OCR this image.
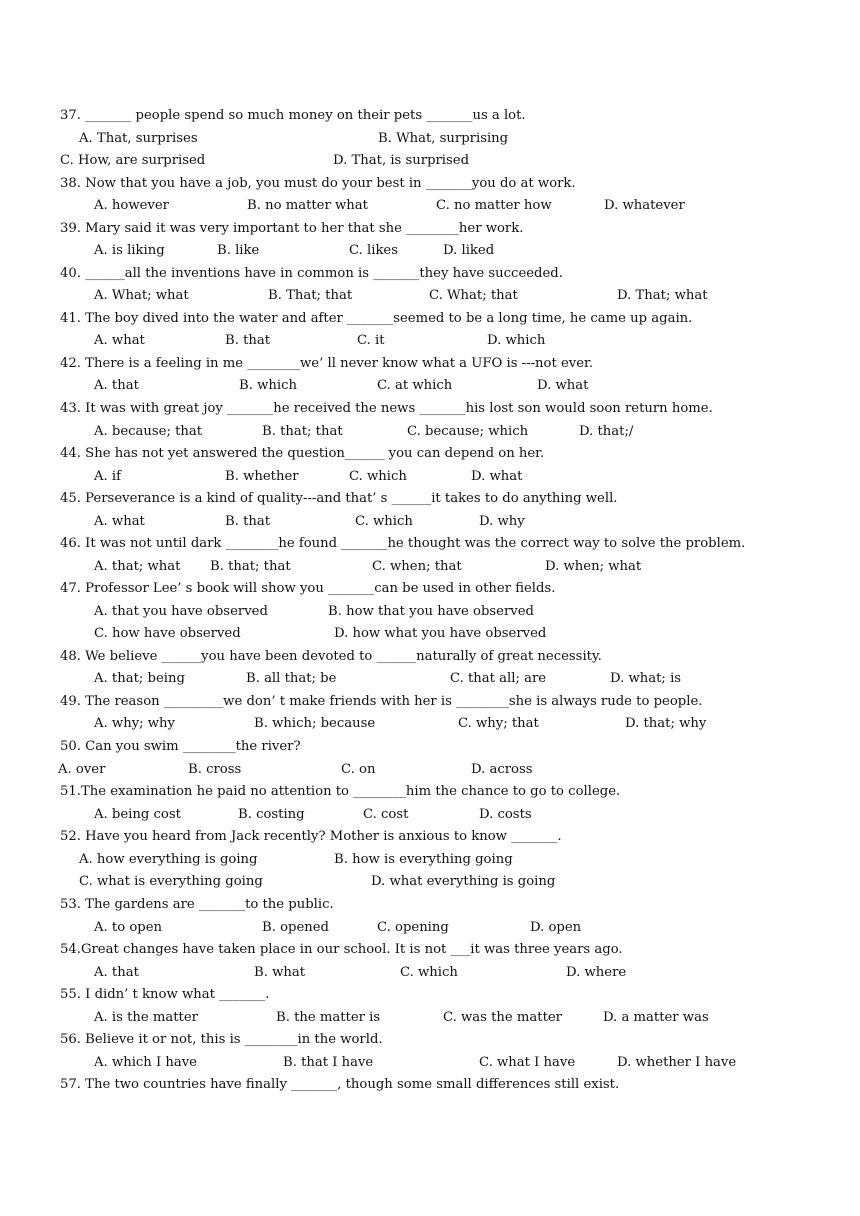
37. _______ people spend so much money on their pets _______us a lot.
A. That, surprises	B. What, surprising
C. How, are surprised	D. That, is surprised
38. Now that you have a job, you must do your best in _______you do at work.
A. however	B. no matter what	C. no matter how	D. whatever
39. Mary said it was very important to her that she ________her work.
A. is liking	B. like	C. likes	D. liked
40. ______all the inventions have in common is _______they have succeeded.
A. What; what	B. That; that	C. What; that	D. That; what
41. The boy dived into the water and after _______seemed to be a long time, he came up again.
A. what	B. that	C. it	D. which
42. There is a feeling in me ________we’ ll never know what a UFO is ---not ever.
A. that	B. which	C. at which	D. what
43. It was with great joy _______he received the news _______his lost son would soon return home.
A. because; that	B. that; that	C. because; which	D. that;/
44. She has not yet answered the question______ you can depend on her.
A. if	B. whether	C. which	D. what
45. Perseverance is a kind of quality---and that’ s ______it takes to do anything well.
A. what	B. that	C. which	D. why
46. It was not until dark ________he found _______he thought was the correct way to solve the problem.
A. that; what B. that; that	C. when; that	D. when; what
47. Professor Lee’ s book will show you _______can be used in other fields.
A. that you have observed	B. how that you have observed
C. how have observed	D. how what you have observed
48. We believe ______you have been devoted to ______naturally of great necessity.
A. that; being	B. all that; be	C. that all; are	D. what; is
49. The reason _________we don’ t make friends with her is ________she is always rude to people.
A. why; why	B. which; because	C. why; that	D. that; why
50. Can you swim ________the river?
A. over	B. cross	C. on	D. across
51.The examination he paid no attention to ________him the chance to go to college.
A. being cost	B. costing	C. cost	D. costs
52. Have you heard from Jack recently? Mother is anxious to know _______.
A. how everything is going	B. how is everything going
C. what is everything going	D. what everything is going
53. The gardens are _______to the public.
A. to open	B. opened	C. opening	D. open
54.Great changes have taken place in our school. It is not ___it was three years ago.
A. that	B. what	C. which	D. where
55. I didn’ t know what _______.
A. is the matter	B. the matter is	C. was the matter	D. a matter was
56. Believe it or not, this is ________in the world.
A. which I have	B. that I have	C. what I have	D. whether I have
57. The two countries have finally _______, though some small differences still exist.
